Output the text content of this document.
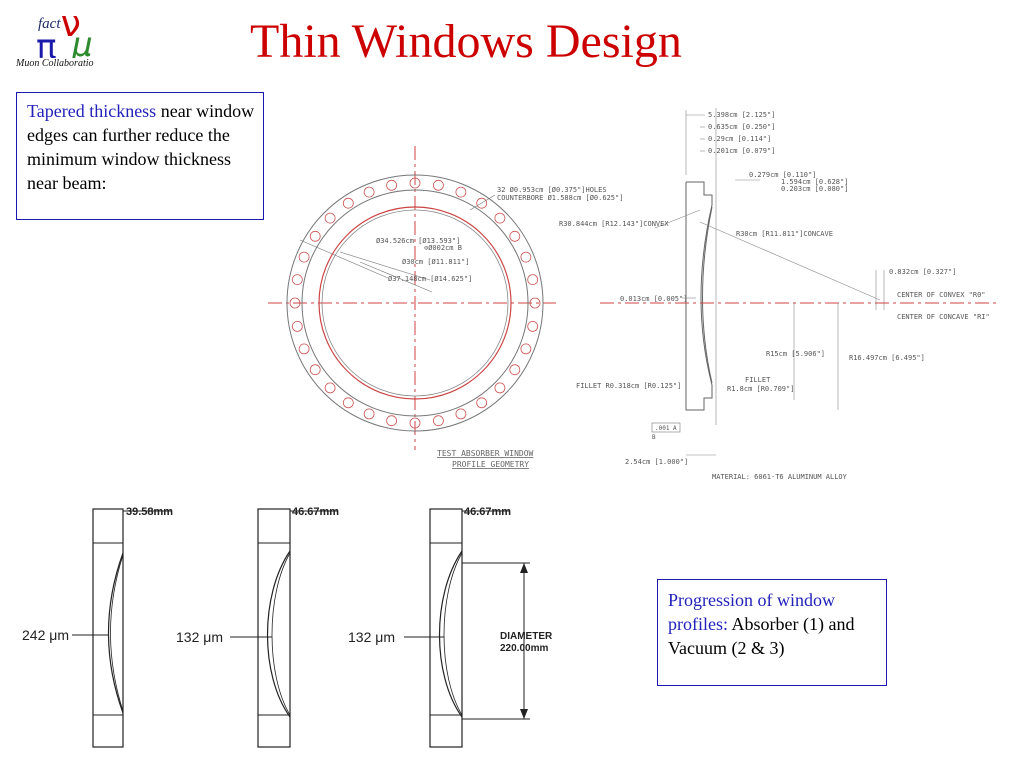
ν
π μ
fact
Muon Collaboratio	Thin Windows Design
Tapered thickness near window edges can further reduce the minimum window thickness near beam:	32 Ø0.953cm [Ø0.375"]HOLES
COUNTERBORE Ø1.588cm [Ø0.625"]
Ø34.526cm [Ø13.593"]
⊙Ø002cm B
Ø30cm [Ø11.811"]
Ø37.148cm [Ø14.625"]
TEST ABSORBER WINDOW
PROFILE GEOMETRY
5.398cm [2.125"]
0.635cm [0.250"]
0.29cm [0.114"]
0.201cm [0.079"]
0.279cm [0.110"]
1.594cm [0.628"]
0.203cm [0.080"]
R30.844cm [R12.143"]CONVEX
R30cm [R11.811"]CONCAVE
0.832cm [0.327"]
CENTER OF CONVEX "R0"
CENTER OF CONCAVE "RI"
0.013cm [0.005"]
R15cm [5.906"]	R16.497cm [6.495"]
FILLET
R1.8cm [R0.709"]
FILLET R0.318cm [R0.125"]
.001 A
B
2.54cm [1.000"]
MATERIAL: 6061-T6 ALUMINUM ALLOY
39.58mm
242 μm
46.67mm
132 μm
46.67mm
132 μm	DIAMETER
220.00mm
Progression of window profiles: Absorber (1) and Vacuum (2 & 3)
